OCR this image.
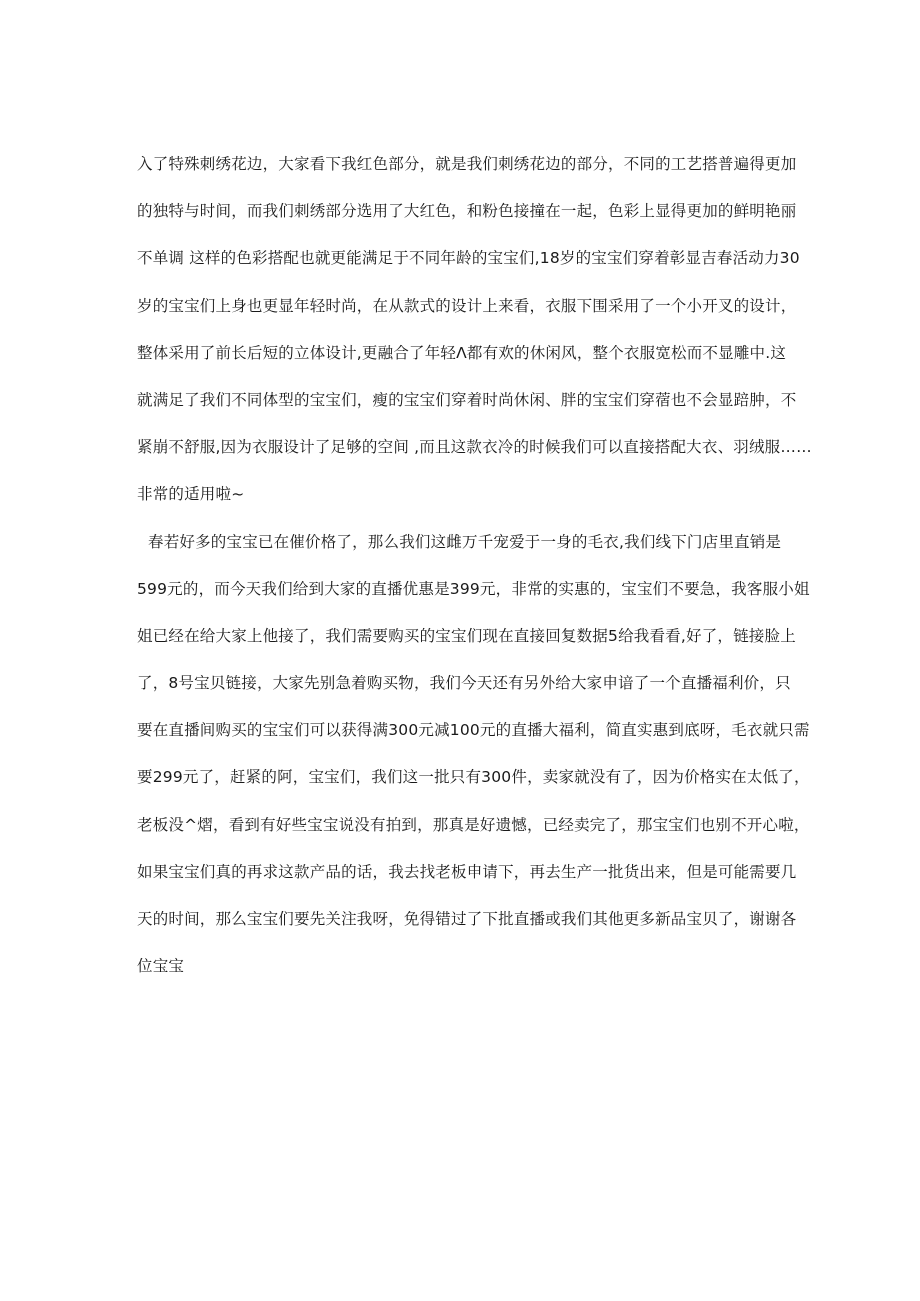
入了特殊刺绣花边，大家看下我红色部分，就是我们刺绣花边的部分，不同的工艺搭普遍得更加
的独特与时间，而我们刺绣部分选用了大红色，和粉色接撞在一起，色彩上显得更加的鲜明艳丽
不单调 这样的色彩搭配也就更能满足于不同年龄的宝宝们,18岁的宝宝们穿着彰显吉春活动力30
岁的宝宝们上身也更显年轻时尚，在从款式的设计上来看，衣服下围采用了一个小开叉的设计，
整体采用了前长后短的立体设计,更融合了年轻Λ都有欢的休闲风，整个衣服宽松而不显雕中.这
就满足了我们不同体型的宝宝们，瘦的宝宝们穿着时尚休闲、胖的宝宝们穿蓿也不会显踣肿，不
紧崩不舒服,因为衣服设计了足够的空间 ,而且这款衣冷的时候我们可以直接搭配大衣、羽绒服……
非常的适用啦~
春若好多的宝宝已在催价格了，那么我们这雌万千宠爱于一身的毛衣,我们线下门店里直销是
599元的，而今天我们给到大家的直播优惠是399元，非常的实惠的，宝宝们不要急，我客服小姐
姐已经在给大家上他接了，我们需要购买的宝宝们现在直接回复数据5给我看看,好了，链接脸上
了，8号宝贝链接，大家先别急着购买物，我们今天还有另外给大家申谙了一个直播福利价，只
要在直播间购买的宝宝们可以获得满300元减100元的直播大福利，简直实惠到底呀，毛衣就只需
要299元了，赶紧的阿，宝宝们，我们这一批只有300件，卖家就没有了，因为价格实在太低了，
老板没^熠，看到有好些宝宝说没有拍到，那真是好遗憾，已经卖完了，那宝宝们也别不开心啦，
如果宝宝们真的再求这款产品的话，我去找老板申请下，再去生产一批货出来，但是可能需要几
天的时间，那么宝宝们要先关注我呀，免得错过了下批直播或我们其他更多新品宝贝了，谢谢各
位宝宝
